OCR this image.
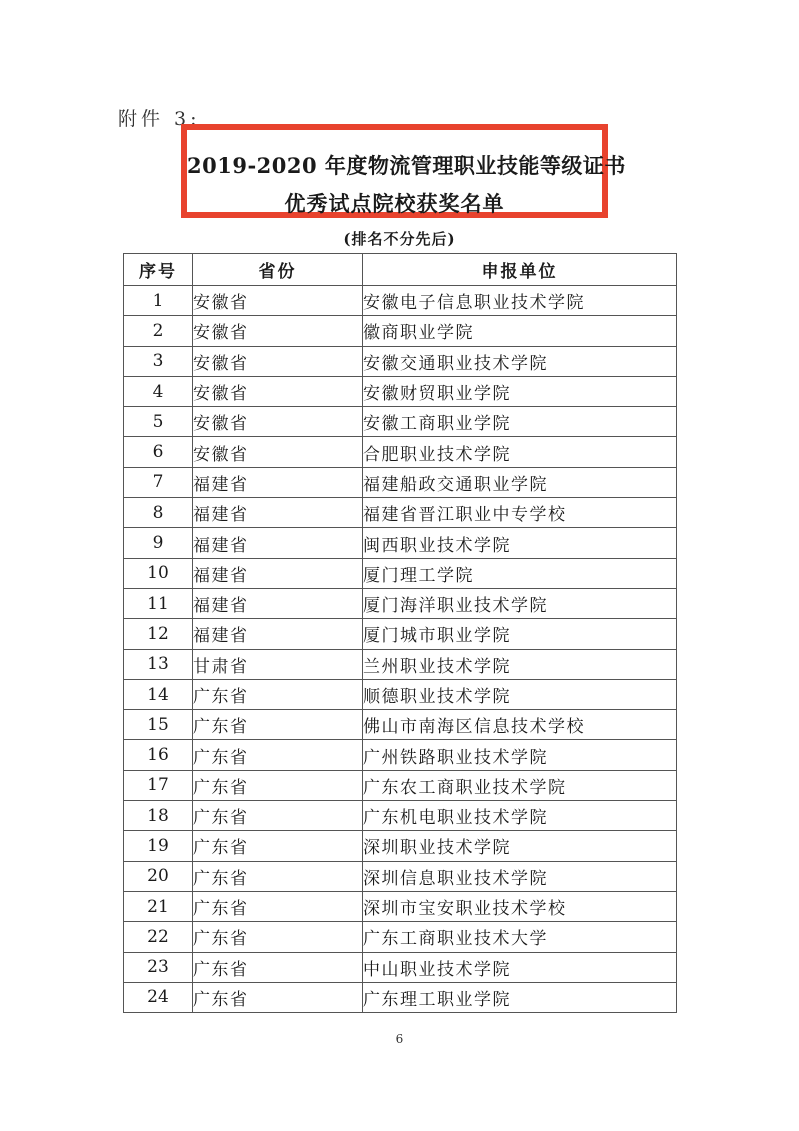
附件 3:
2019-2020 年度物流管理职业技能等级证书
优秀试点院校获奖名单
(排名不分先后)
序号	省份	申报单位
1	安徽省	安徽电子信息职业技术学院
2	安徽省	徽商职业学院
3	安徽省	安徽交通职业技术学院
4	安徽省	安徽财贸职业学院
5	安徽省	安徽工商职业学院
6	安徽省	合肥职业技术学院
7	福建省	福建船政交通职业学院
8	福建省	福建省晋江职业中专学校
9	福建省	闽西职业技术学院
10	福建省	厦门理工学院
11	福建省	厦门海洋职业技术学院
12	福建省	厦门城市职业学院
13	甘肃省	兰州职业技术学院
14	广东省	顺德职业技术学院
15	广东省	佛山市南海区信息技术学校
16	广东省	广州铁路职业技术学院
17	广东省	广东农工商职业技术学院
18	广东省	广东机电职业技术学院
19	广东省	深圳职业技术学院
20	广东省	深圳信息职业技术学院
21	广东省	深圳市宝安职业技术学校
22	广东省	广东工商职业技术大学
23	广东省	中山职业技术学院
24	广东省	广东理工职业学院
6
